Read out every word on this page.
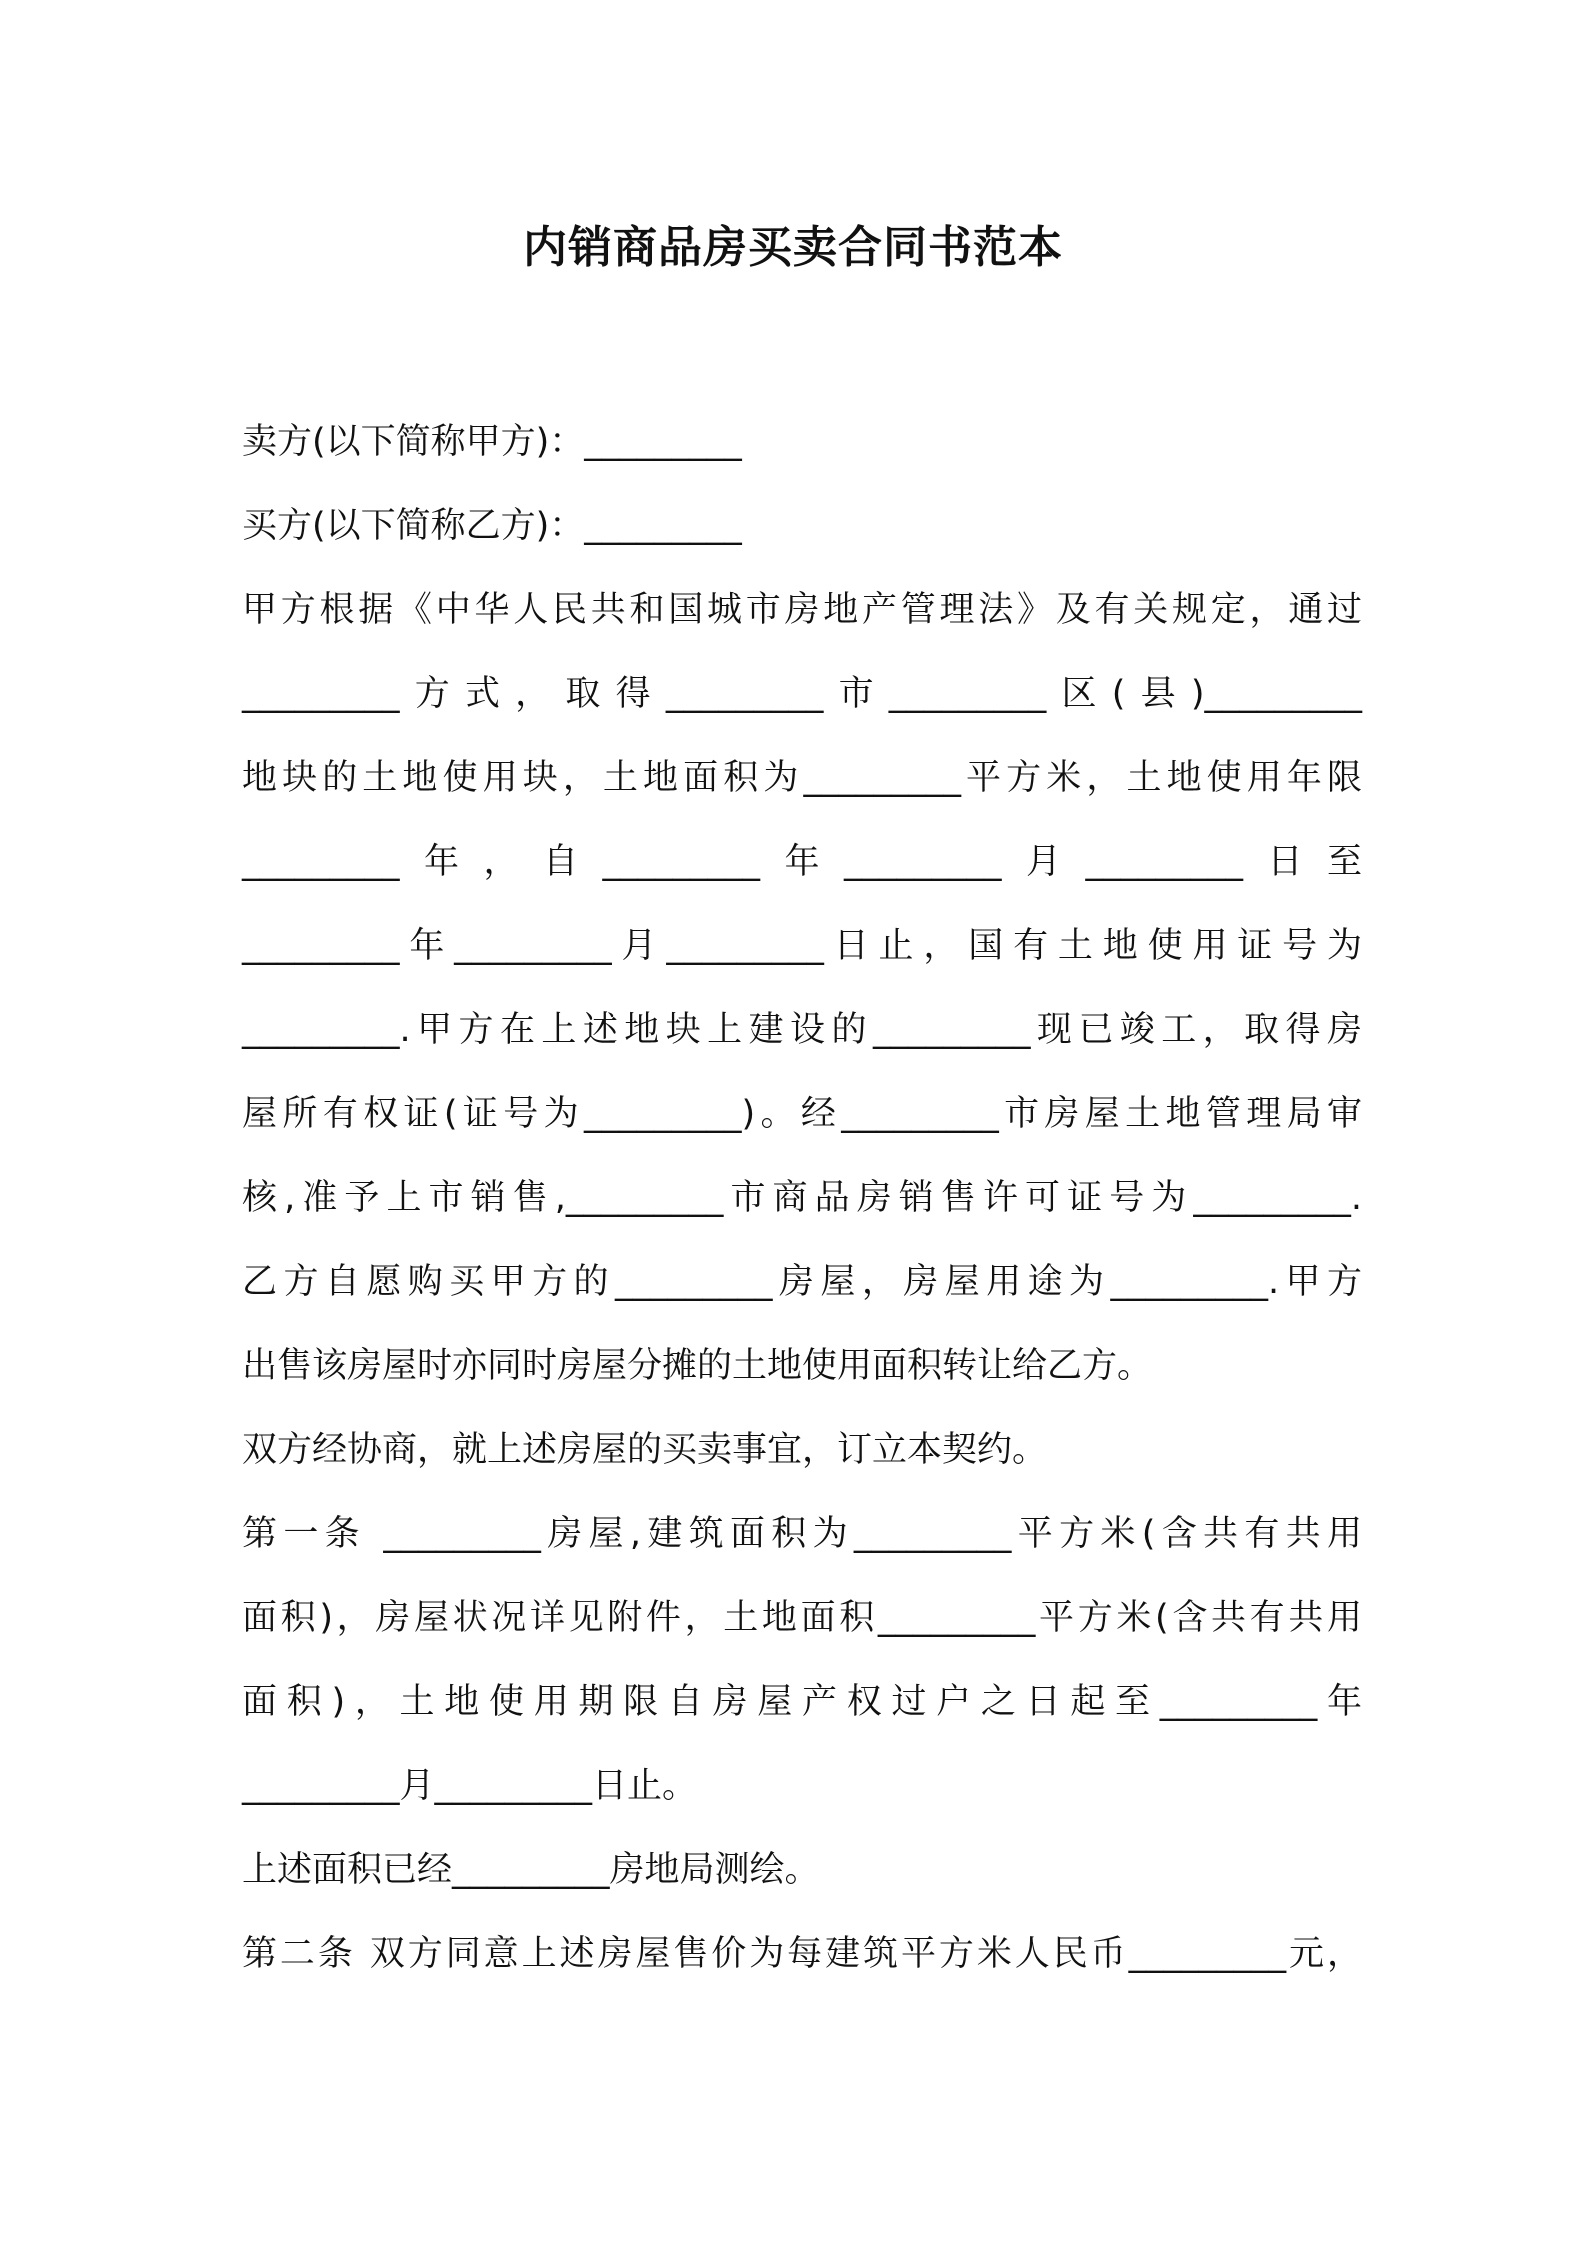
内销商品房买卖合同书范本
卖方(以下简称甲方)：_________
买方(以下简称乙方)：_________
甲方根据《中华人民共和国城市房地产管理法》及有关规定，通过
_________方式，取得_________市_________区(县)_________
地块的土地使用块，土地面积为_________平方米，土地使用年限
_________年，自_________年_________月_________日至
_________年_________月_________日止，国有土地使用证号为
_________.甲方在上述地块上建设的_________现已竣工，取得房
屋所有权证(证号为_________)。经_________市房屋土地管理局审
核,准予上市销售,_________市商品房销售许可证号为_________.
乙方自愿购买甲方的_________房屋，房屋用途为_________.甲方
出售该房屋时亦同时房屋分摊的土地使用面积转让给乙方。
双方经协商，就上述房屋的买卖事宜，订立本契约。
第一条 _________房屋,建筑面积为_________平方米(含共有共用
面积)，房屋状况详见附件，土地面积_________平方米(含共有共用
面积)，土地使用期限自房屋产权过户之日起至_________年
_________月_________日止。
上述面积已经_________房地局测绘。
第二条 双方同意上述房屋售价为每建筑平方米人民币_________元，
